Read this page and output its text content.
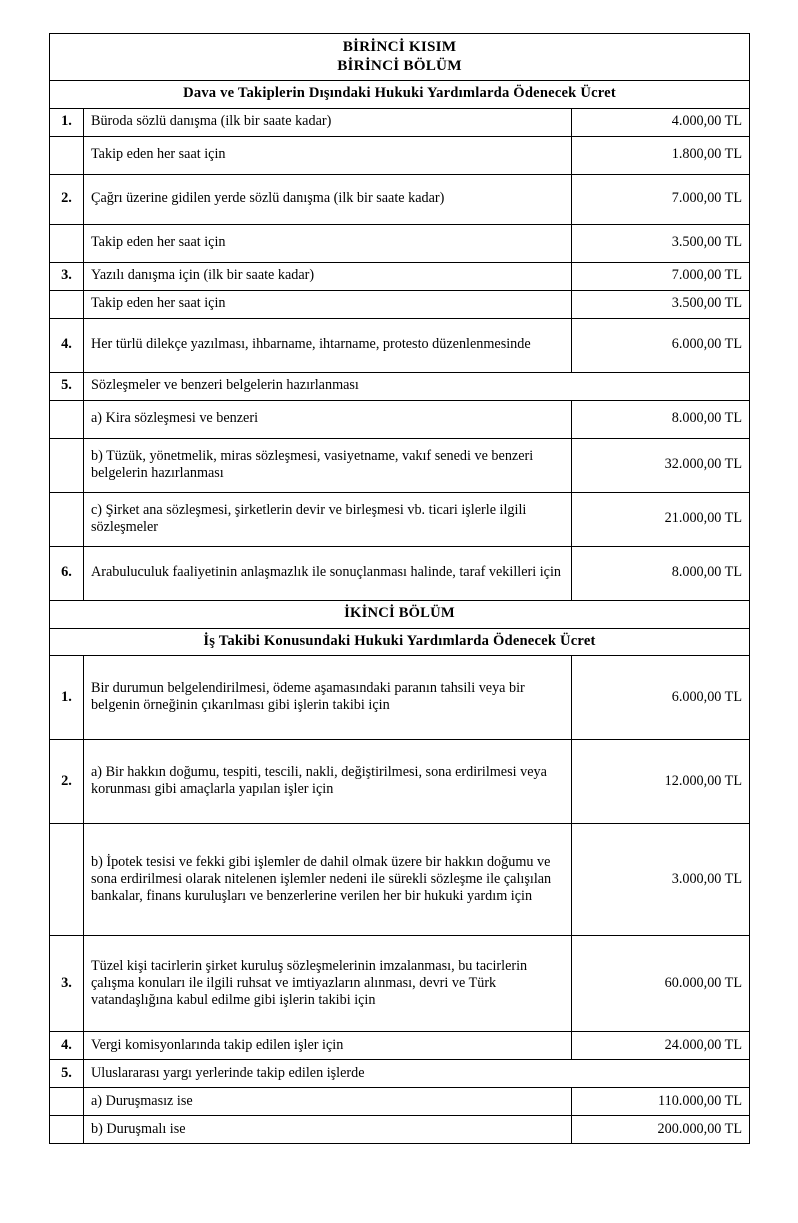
BİRİNCİ KISIM
BİRİNCİ BÖLÜM		

Dava ve Takiplerin Dışındaki Hukuki Yardımlarda Ödenecek Ücret		
1.	Büroda sözlü danışma (ilk bir saate kadar)	4.000,00 TL
	Takip eden her saat için	1.800,00 TL
2.	Çağrı üzerine gidilen yerde sözlü danışma (ilk bir saate kadar)	7.000,00 TL
	Takip eden her saat için	3.500,00 TL
3.	Yazılı danışma için (ilk bir saate kadar)	7.000,00 TL
	Takip eden her saat için	3.500,00 TL
4.	Her türlü dilekçe yazılması, ihbarname, ihtarname, protesto düzenlenmesinde	6.000,00 TL
5.	Sözleşmeler ve benzeri belgelerin hazırlanması	
	a) Kira sözleşmesi ve benzeri	8.000,00 TL
	b) Tüzük, yönetmelik, miras sözleşmesi, vasiyetname, vakıf senedi ve benzeri belgelerin hazırlanması	32.000,00 TL
	c) Şirket ana sözleşmesi, şirketlerin devir ve birleşmesi vb. ticari işlerle ilgili sözleşmeler	21.000,00 TL
6.	Arabuluculuk faaliyetinin anlaşmazlık ile sonuçlanması halinde, taraf vekilleri için	8.000,00 TL
İKİNCİ BÖLÜM		
İş Takibi Konusundaki Hukuki Yardımlarda Ödenecek Ücret		
1.	Bir durumun belgelendirilmesi, ödeme aşamasındaki paranın tahsili veya bir belgenin örneğinin çıkarılması gibi işlerin takibi için	6.000,00 TL
2.	a) Bir hakkın doğumu, tespiti, tescili, nakli, değiştirilmesi, sona erdirilmesi veya korunması gibi amaçlarla yapılan işler için	12.000,00 TL
	b) İpotek tesisi ve fekki gibi işlemler de dahil olmak üzere bir hakkın doğumu ve sona erdirilmesi olarak nitelenen işlemler nedeni ile sürekli sözleşme ile çalışılan bankalar, finans kuruluşları ve benzerlerine verilen her bir hukuki yardım için	3.000,00 TL
3.	Tüzel kişi tacirlerin şirket kuruluş sözleşmelerinin imzalanması, bu tacirlerin çalışma konuları ile ilgili ruhsat ve imtiyazların alınması, devri ve Türk vatandaşlığına kabul edilme gibi işlerin takibi için	60.000,00 TL
4.	Vergi komisyonlarında takip edilen işler için	24.000,00 TL
5.	Uluslararası yargı yerlerinde takip edilen işlerde	
	a) Duruşmasız ise	110.000,00 TL
	b) Duruşmalı ise	200.000,00 TL
